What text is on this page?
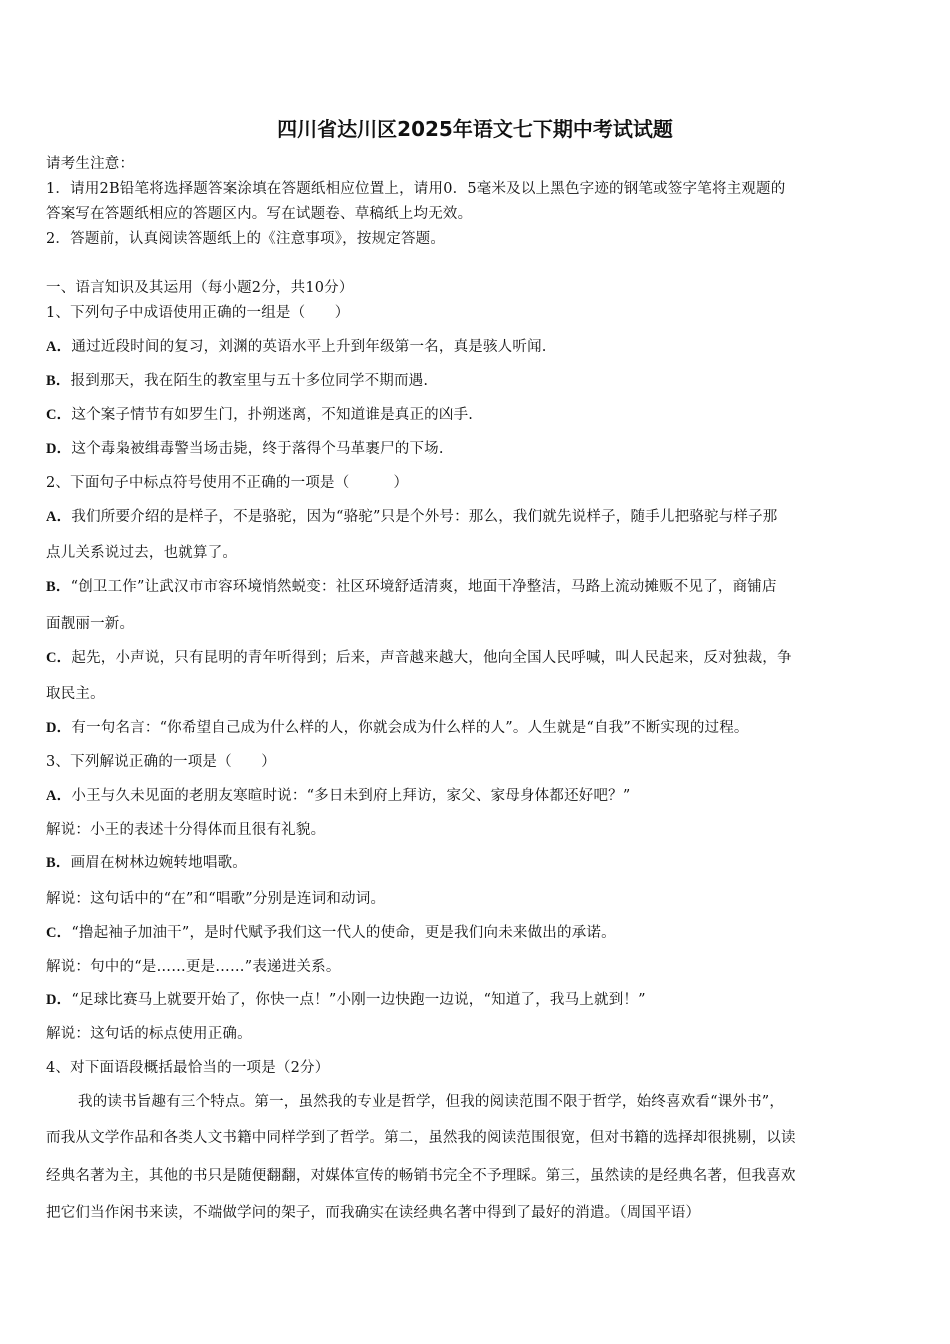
四川省达川区2025年语文七下期中考试试题
请考生注意：
1．请用2B铅笔将选择题答案涂填在答题纸相应位置上，请用0．5毫米及以上黑色字迹的钢笔或签字笔将主观题的
答案写在答题纸相应的答题区内。写在试题卷、草稿纸上均无效。
2．答题前，认真阅读答题纸上的《注意事项》，按规定答题。
一、语言知识及其运用（每小题2分，共10分）
1、下列句子中成语使用正确的一组是（　　）
A．通过近段时间的复习，刘渊的英语水平上升到年级第一名，真是骇人听闻.
B．报到那天，我在陌生的教室里与五十多位同学不期而遇.
C．这个案子情节有如罗生门，扑朔迷离，不知道谁是真正的凶手.
D．这个毒枭被缉毒警当场击毙，终于落得个马革裹尸的下场.
2、下面句子中标点符号使用不正确的一项是（　　　）
A．我们所要介绍的是样子，不是骆驼，因为“骆驼”只是个外号：那么，我们就先说样子，随手儿把骆驼与样子那
点儿关系说过去，也就算了。
B．“创卫工作”让武汉市市容环境悄然蜕变：社区环境舒适清爽，地面干净整洁，马路上流动摊贩不见了，商铺店
面靓丽一新。
C．起先，小声说，只有昆明的青年听得到；后来，声音越来越大，他向全国人民呼喊，叫人民起来，反对独裁，争
取民主。
D．有一句名言：“你希望自己成为什么样的人，你就会成为什么样的人”。人生就是“自我”不断实现的过程。
3、下列解说正确的一项是（　　）
A．小王与久未见面的老朋友寒暄时说：“多日未到府上拜访，家父、家母身体都还好吧？”
解说：小王的表述十分得体而且很有礼貌。
B．画眉在树林边婉转地唱歌。
解说：这句话中的“在”和“唱歌”分别是连词和动词。
C．“撸起袖子加油干”，是时代赋予我们这一代人的使命，更是我们向未来做出的承诺。
解说：句中的“是……更是……”表递进关系。
D．“足球比赛马上就要开始了，你快一点！”小刚一边快跑一边说，“知道了，我马上就到！”
解说：这句话的标点使用正确。
4、对下面语段概括最恰当的一项是（2分）
我的读书旨趣有三个特点。第一，虽然我的专业是哲学，但我的阅读范围不限于哲学，始终喜欢看“课外书”，
而我从文学作品和各类人文书籍中同样学到了哲学。第二，虽然我的阅读范围很宽，但对书籍的选择却很挑剔，以读
经典名著为主，其他的书只是随便翻翻，对媒体宣传的畅销书完全不予理睬。第三，虽然读的是经典名著，但我喜欢
把它们当作闲书来读，不端做学问的架子，而我确实在读经典名著中得到了最好的消遣。（周国平语）
